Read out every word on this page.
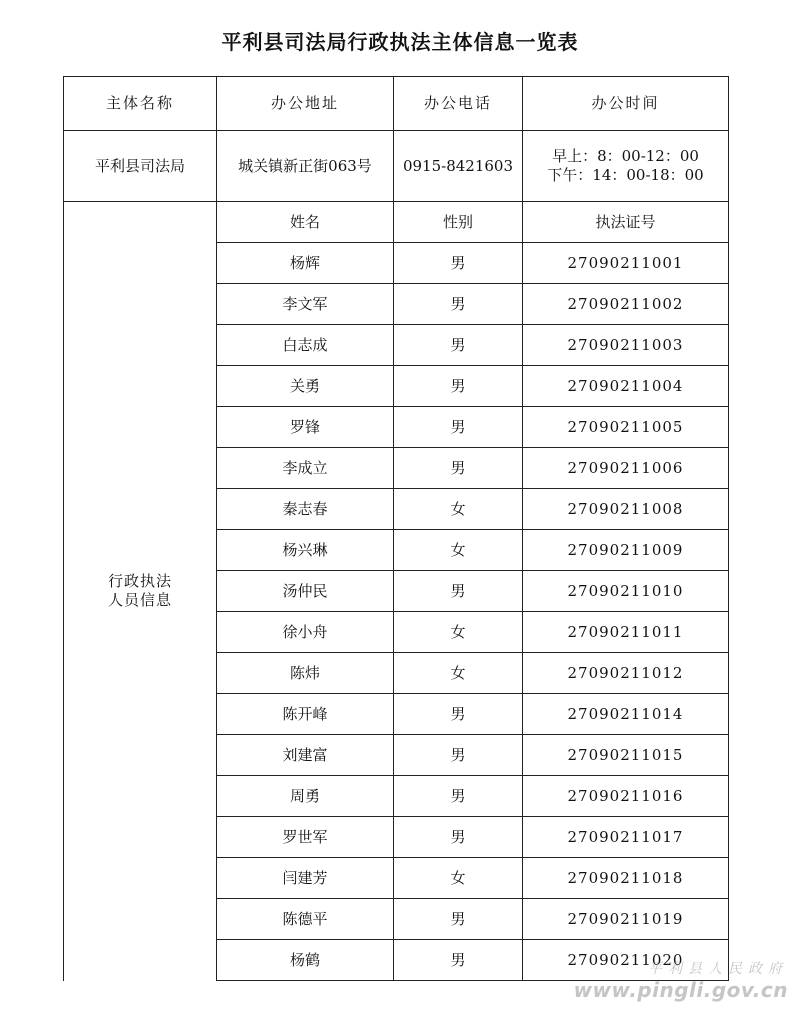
平利县司法局行政执法主体信息一览表
主体名称	办公地址	办公电话	办公时间
平利县司法局	城关镇新正街063号	0915-8421603	早上：8：00-12：00
下午：14：00-18：00

行政执法
人员信息	姓名	性别	执法证号
	杨辉	男	27090211001
	李文军	男	27090211002
	白志成	男	27090211003
	关勇	男	27090211004
	罗锋	男	27090211005
	李成立	男	27090211006
	秦志春	女	27090211008
	杨兴琳	女	27090211009
	汤仲民	男	27090211010
	徐小舟	女	27090211011
	陈炜	女	27090211012
	陈开峰	男	27090211014
	刘建富	男	27090211015
	周勇	男	27090211016
	罗世军	男	27090211017
	闫建芳	女	27090211018
	陈德平	男	27090211019
	杨鹤	男	27090211020
平利县人民政府
www.pingli.gov.cn
